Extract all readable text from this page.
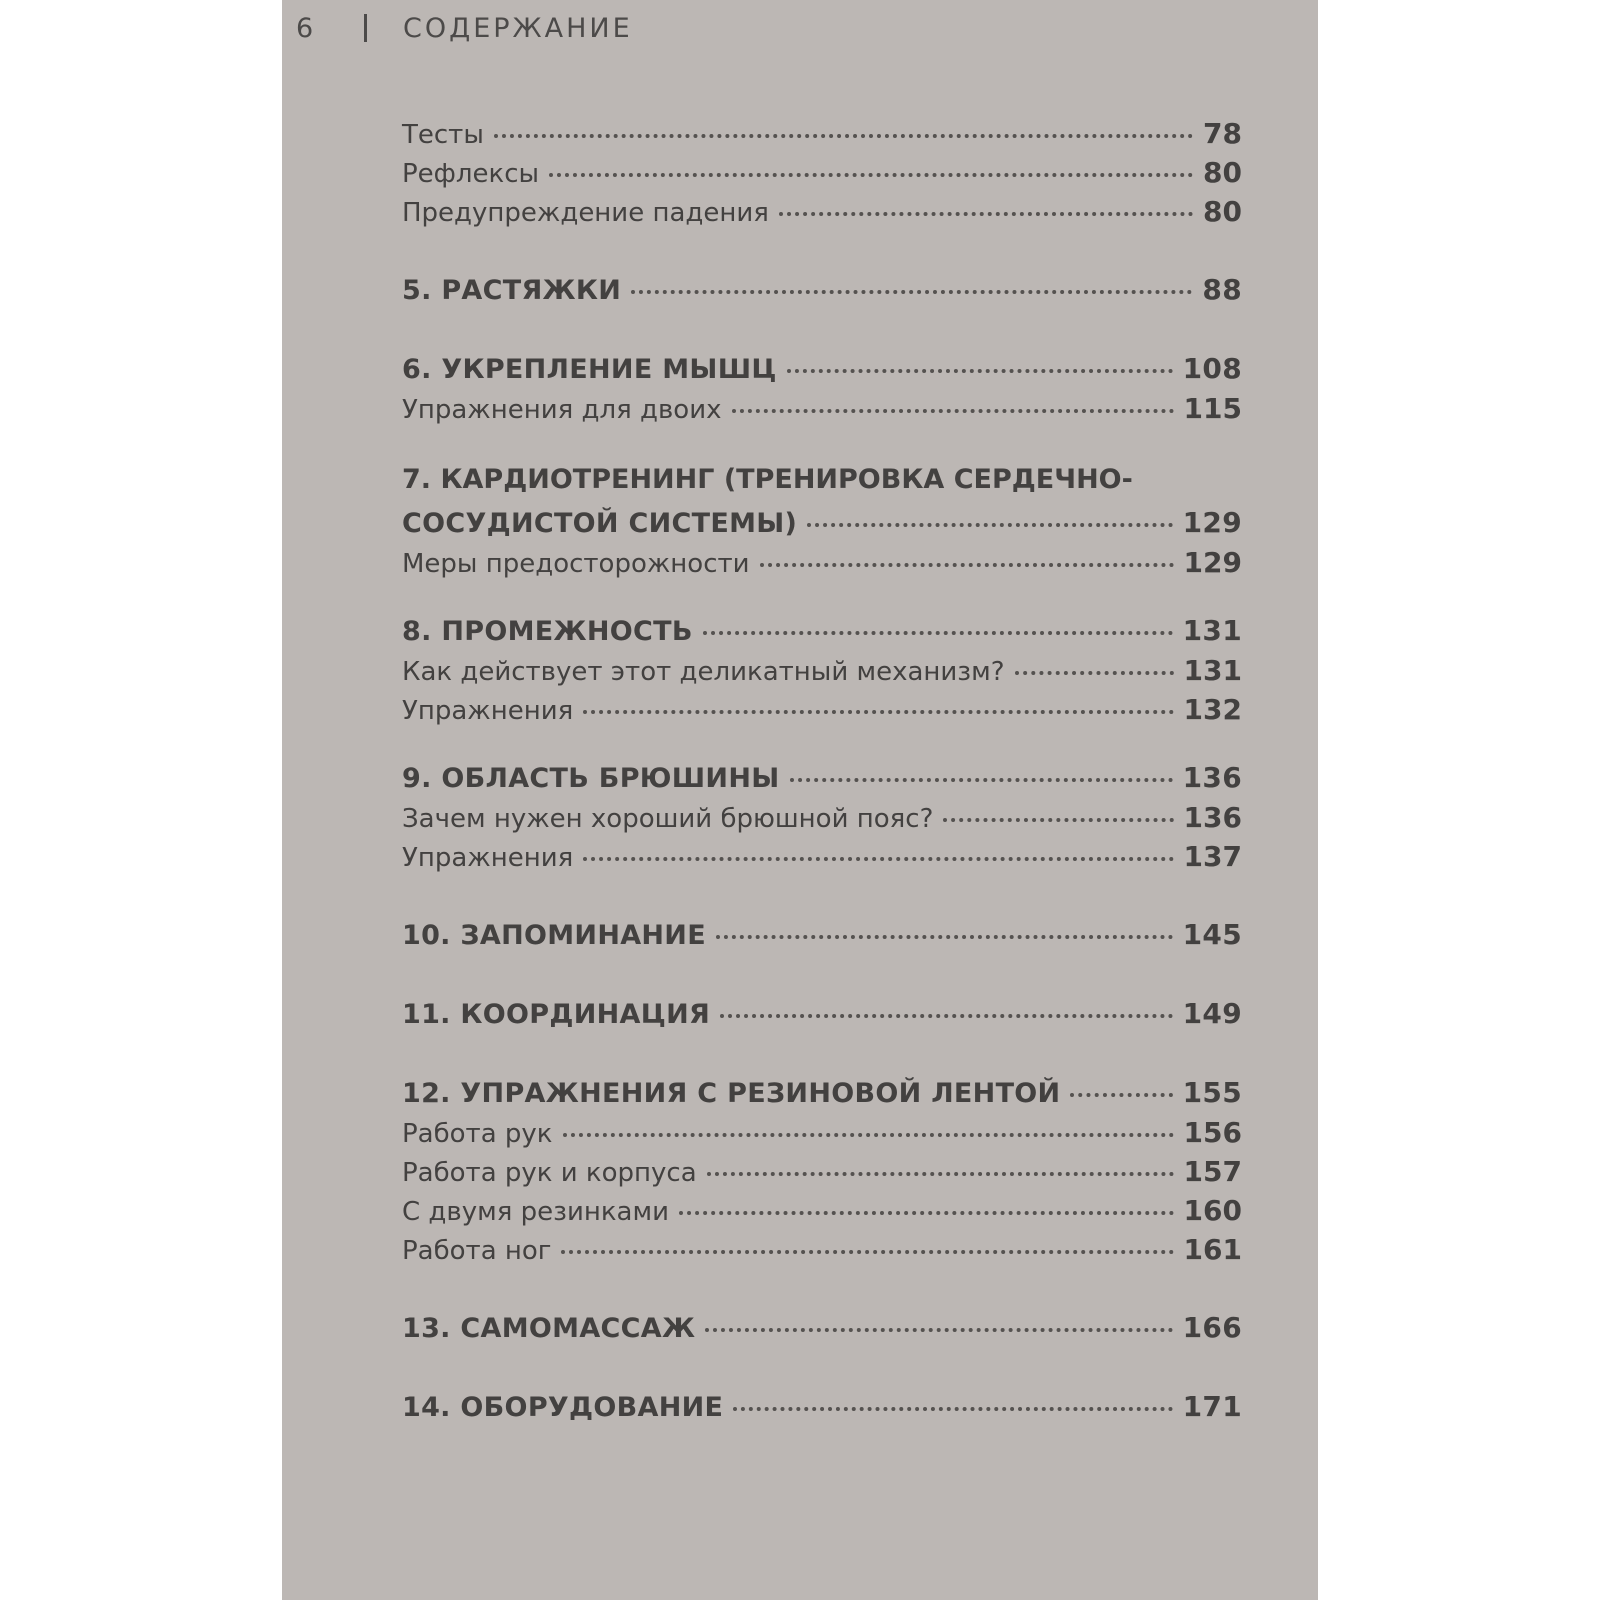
6	СОДЕРЖАНИЕ
Тесты	78
Рефлексы	80
Предупреждение падения	80
5. РАСТЯЖКИ	88
6. УКРЕПЛЕНИЕ МЫШЦ	108
Упражнения для двоих	115
7. КАРДИОТРЕНИНГ (ТРЕНИРОВКА СЕРДЕЧНО-
СОСУДИСТОЙ СИСТЕМЫ)	129
Меры предосторожности	129
8. ПРОМЕЖНОСТЬ	131
Как действует этот деликатный механизм?	131
Упражнения	132
9. ОБЛАСТЬ БРЮШИНЫ	136
Зачем нужен хороший брюшной пояс?	136
Упражнения	137
10. ЗАПОМИНАНИЕ	145
11. КООРДИНАЦИЯ	149
12. УПРАЖНЕНИЯ С РЕЗИНОВОЙ ЛЕНТОЙ	155
Работа рук	156
Работа рук и корпуса	157
С двумя резинками	160
Работа ног	161
13. САМОМАССАЖ	166
14. ОБОРУДОВАНИЕ	171
